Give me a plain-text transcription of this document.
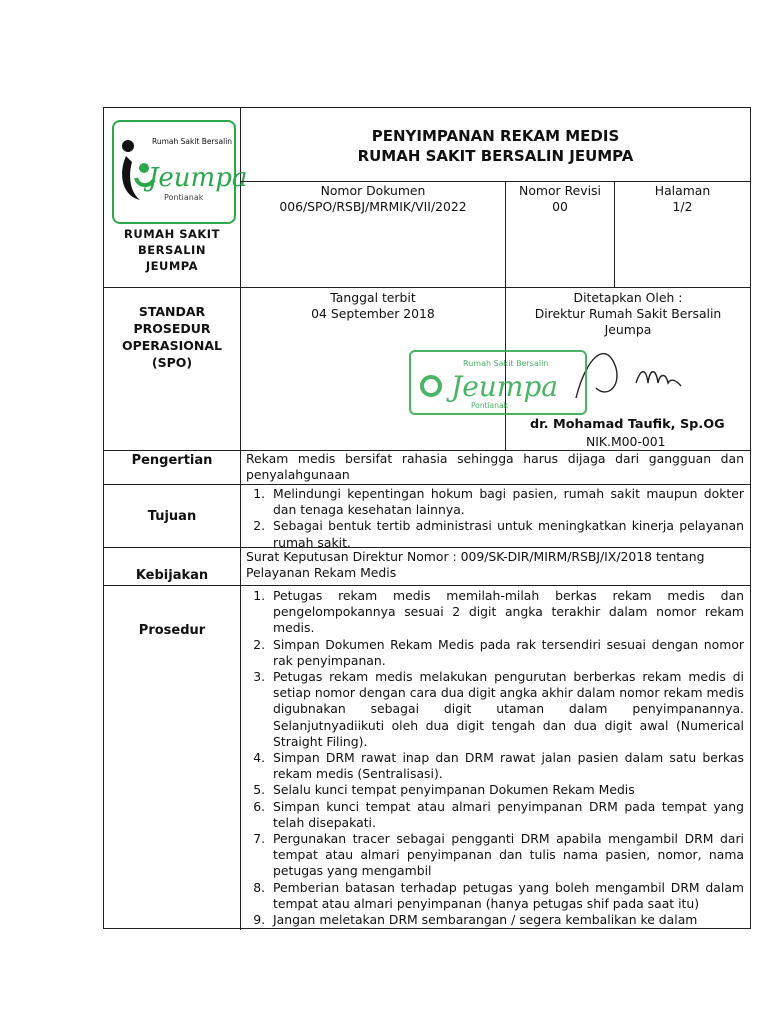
Rumah Sakit Bersalin
Jeumpa
Pontianak
RUMAH SAKIT
BERSALIN
JEUMPA
PENYIMPANAN REKAM MEDIS
RUMAH SAKIT BERSALIN JEUMPA
Nomor Dokumen
006/SPO/RSBJ/MRMIK/VII/2022
Nomor Revisi
00
Halaman
1/2
STANDAR
PROSEDUR
OPERASIONAL
(SPO)
Tanggal terbit
04 September 2018
Ditetapkan Oleh :
Direktur Rumah Sakit Bersalin Jeumpa
Rumah Sakit Bersalin
Jeumpa
Pontianak
dr. Mohamad Taufik, Sp.OG
NIK.M00-001
Pengertian	Rekam medis bersifat rahasia sehingga harus dijaga dari gangguan dan penyalahgunaan
Tujuan
1. Melindungi kepentingan hokum bagi pasien, rumah sakit maupun dokter dan tenaga kesehatan lainnya.
2. Sebagai bentuk tertib administrasi untuk meningkatkan kinerja pelayanan rumah sakit.
Kebijakan
Surat Keputusan Direktur Nomor : 009/SK-DIR/MIRM/RSBJ/IX/2018 tentang Pelayanan Rekam Medis
Prosedur
1. Petugas rekam medis memilah-milah berkas rekam medis dan pengelompokannya sesuai 2 digit angka terakhir dalam nomor rekam medis.
2. Simpan Dokumen Rekam Medis pada rak tersendiri sesuai dengan nomor rak penyimpanan.
3. Petugas rekam medis melakukan pengurutan berberkas rekam medis di setiap nomor dengan cara dua digit angka akhir dalam nomor rekam medis digubnakan sebagai digit utaman dalam penyimpanannya. Selanjutnyadiikuti oleh dua digit tengah dan dua digit awal (Numerical Straight Filing).
4. Simpan DRM rawat inap dan DRM rawat jalan pasien dalam satu berkas rekam medis (Sentralisasi).
5. Selalu kunci tempat penyimpanan Dokumen Rekam Medis
6. Simpan kunci tempat atau almari penyimpanan DRM pada tempat yang telah disepakati.
7. Pergunakan tracer sebagai pengganti DRM apabila mengambil DRM dari tempat atau almari penyimpanan dan tulis nama pasien, nomor, nama petugas yang mengambil
8. Pemberian batasan terhadap petugas yang boleh mengambil DRM dalam tempat atau almari penyimpanan (hanya petugas shif pada saat itu)
9. Jangan meletakan DRM sembarangan / segera kembalikan ke dalam
